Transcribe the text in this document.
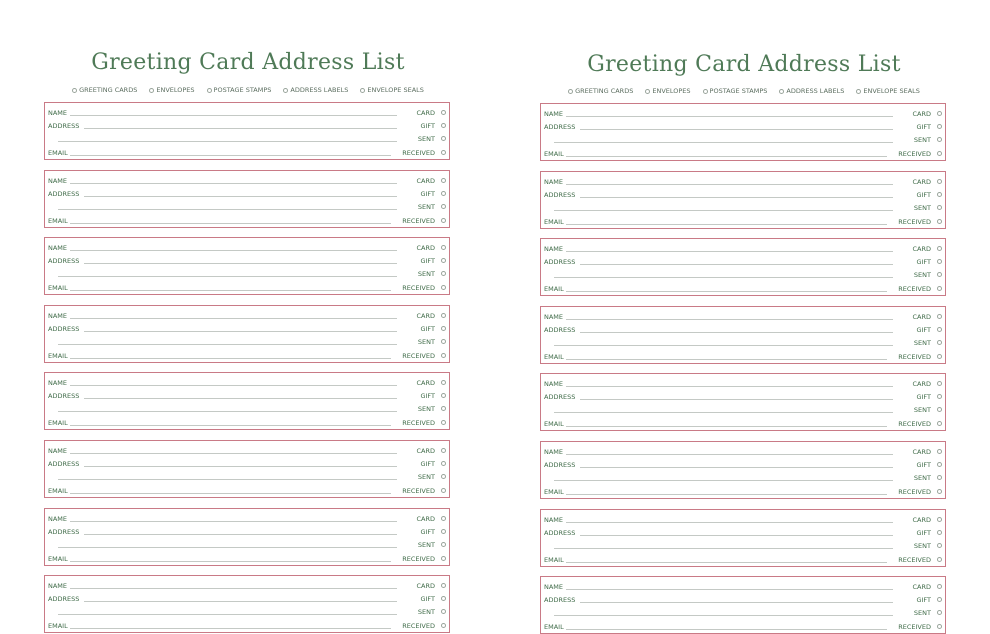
Greeting Card Address List
GREETING CARDS	ENVELOPES	POSTAGE STAMPS	ADDRESS LABELS	ENVELOPE SEALS
NAME	CARD
ADDRESS	GIFT
SENT
EMAIL	RECEIVED
NAME	CARD
ADDRESS	GIFT
SENT
EMAIL	RECEIVED
NAME	CARD
ADDRESS	GIFT
SENT
EMAIL	RECEIVED
NAME	CARD
ADDRESS	GIFT
SENT
EMAIL	RECEIVED
NAME	CARD
ADDRESS	GIFT
SENT
EMAIL	RECEIVED
NAME	CARD
ADDRESS	GIFT
SENT
EMAIL	RECEIVED
NAME	CARD
ADDRESS	GIFT
SENT
EMAIL	RECEIVED
NAME	CARD
ADDRESS	GIFT
SENT
EMAIL	RECEIVED
Greeting Card Address List
GREETING CARDS	ENVELOPES	POSTAGE STAMPS	ADDRESS LABELS	ENVELOPE SEALS
NAME	CARD
ADDRESS	GIFT
SENT
EMAIL	RECEIVED
NAME	CARD
ADDRESS	GIFT
SENT
EMAIL	RECEIVED
NAME	CARD
ADDRESS	GIFT
SENT
EMAIL	RECEIVED
NAME	CARD
ADDRESS	GIFT
SENT
EMAIL	RECEIVED
NAME	CARD
ADDRESS	GIFT
SENT
EMAIL	RECEIVED
NAME	CARD
ADDRESS	GIFT
SENT
EMAIL	RECEIVED
NAME	CARD
ADDRESS	GIFT
SENT
EMAIL	RECEIVED
NAME	CARD
ADDRESS	GIFT
SENT
EMAIL	RECEIVED
